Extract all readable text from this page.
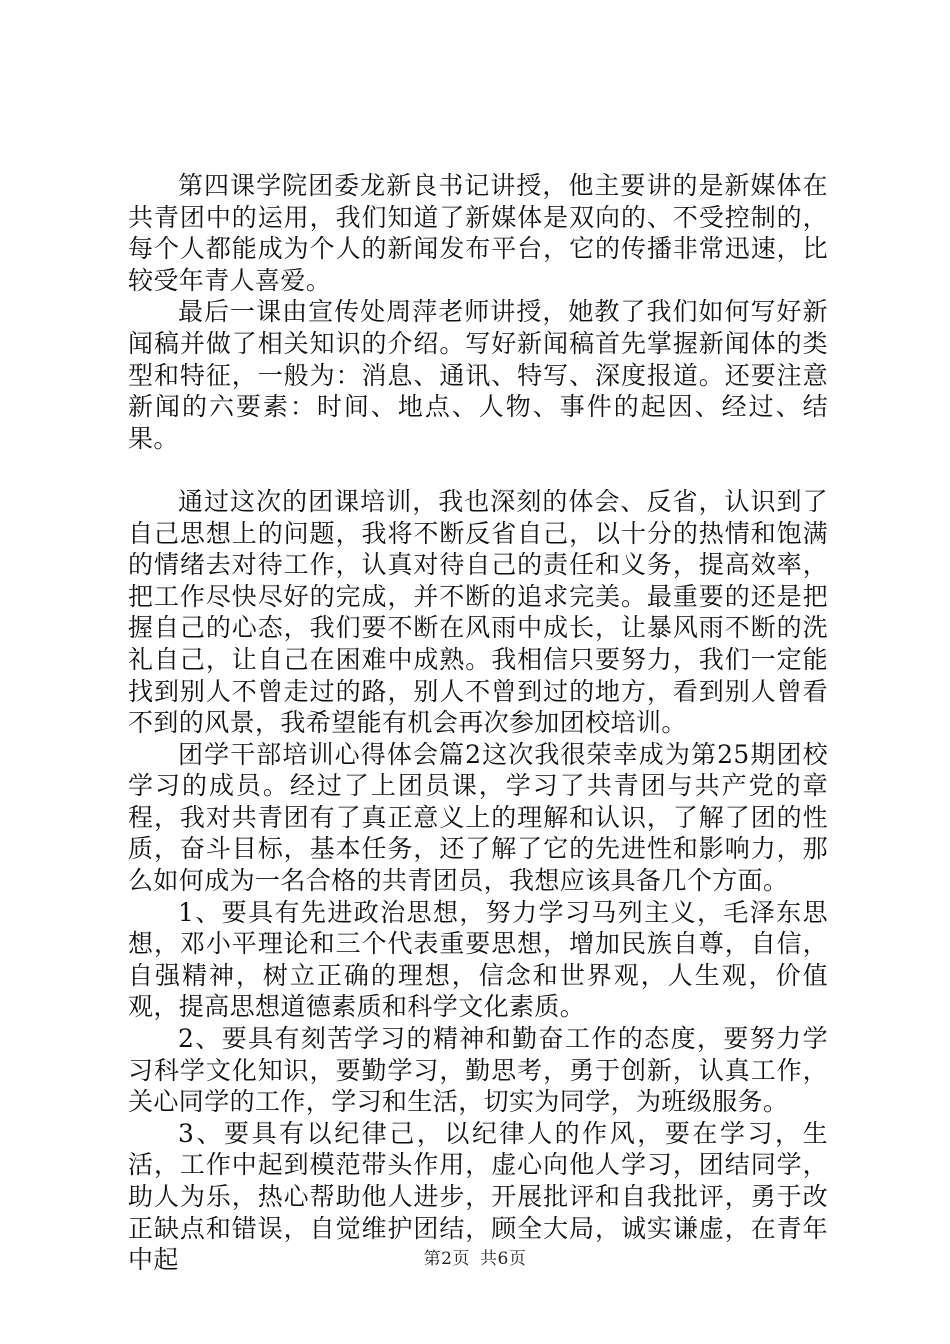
第四课学院团委龙新良书记讲授，他主要讲的是新媒体在共青团中的运用，我们知道了新媒体是双向的、不受控制的，每个人都能成为个人的新闻发布平台，它的传播非常迅速，比较受年青人喜爱。

最后一课由宣传处周萍老师讲授，她教了我们如何写好新闻稿并做了相关知识的介绍。写好新闻稿首先掌握新闻体的类型和特征，一般为：消息、通讯、特写、深度报道。还要注意新闻的六要素：时间、地点、人物、事件的起因、经过、结果。

通过这次的团课培训，我也深刻的体会、反省，认识到了自己思想上的问题，我将不断反省自己，以十分的热情和饱满的情绪去对待工作，认真对待自己的责任和义务，提高效率，把工作尽快尽好的完成，并不断的追求完美。最重要的还是把握自己的心态，我们要不断在风雨中成长，让暴风雨不断的洗礼自己，让自己在困难中成熟。我相信只要努力，我们一定能找到别人不曾走过的路，别人不曾到过的地方，看到别人曾看不到的风景，我希望能有机会再次参加团校培训。

团学干部培训心得体会篇2这次我很荣幸成为第25期团校学习的成员。经过了上团员课，学习了共青团与共产党的章程，我对共青团有了真正意义上的理解和认识，了解了团的性质，奋斗目标，基本任务，还了解了它的先进性和影响力，那么如何成为一名合格的共青团员，我想应该具备几个方面。

1、要具有先进政治思想，努力学习马列主义，毛泽东思想，邓小平理论和三个代表重要思想，增加民族自尊，自信，自强精神，树立正确的理想，信念和世界观，人生观，价值观，提高思想道德素质和科学文化素质。

2、要具有刻苦学习的精神和勤奋工作的态度，要努力学习科学文化知识，要勤学习，勤思考，勇于创新，认真工作，关心同学的工作，学习和生活，切实为同学，为班级服务。

3、要具有以纪律己，以纪律人的作风，要在学习，生活，工作中起到模范带头作用，虚心向他人学习，团结同学，助人为乐，热心帮助他人进步，开展批评和自我批评，勇于改正缺点和错误，自觉维护团结，顾全大局，诚实谦虚，在青年中起	第2页 共6页
